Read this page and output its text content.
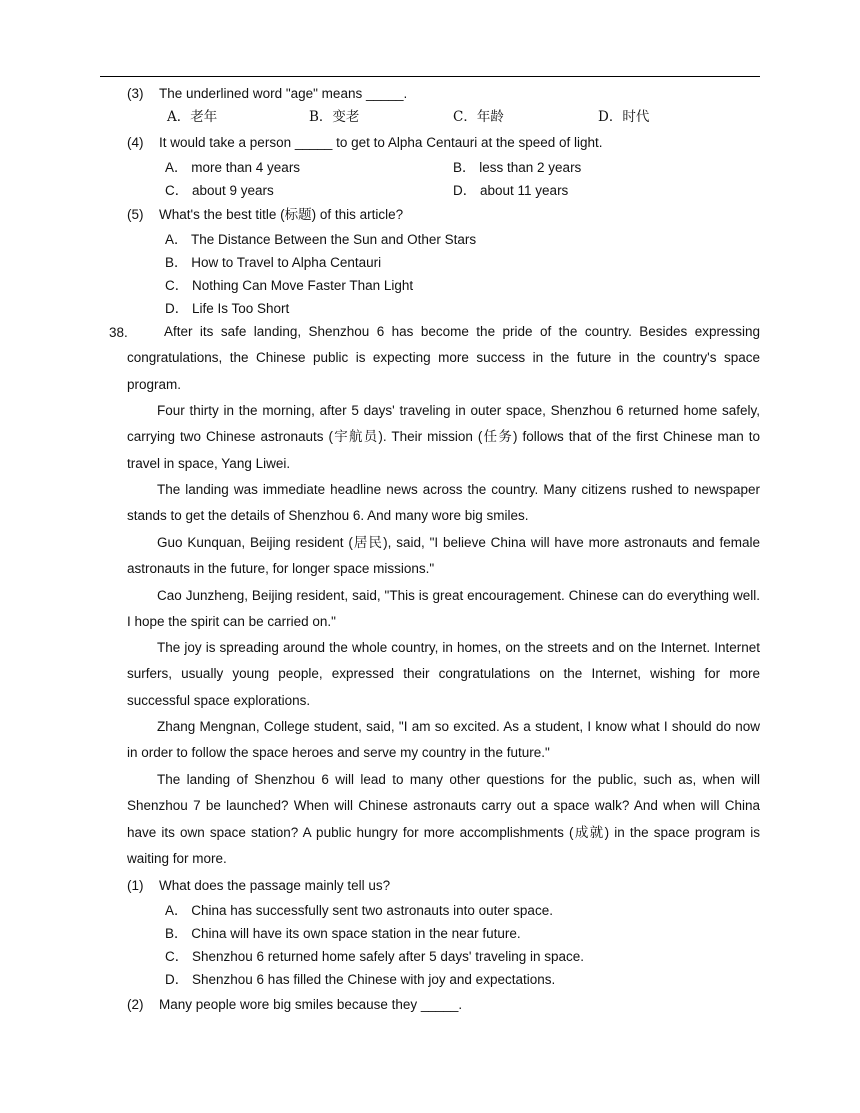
(3) The underlined word "age" means _____.
A．老年	B．变老	C．年龄	D．时代
(4) It would take a person _____ to get to Alpha Centauri at the speed of light.
A． more than 4 years	B． less than 2 years
C． about 9 years	D． about 11 years
(5) What's the best title (标题) of this article?
A． The Distance Between the Sun and Other Stars
B． How to Travel to Alpha Centauri
C． Nothing Can Move Faster Than Light
D． Life Is Too Short
38.	After its safe landing, Shenzhou 6 has become the pride of the country. Besides expressing congratulations, the Chinese public is expecting more success in the future in the country's space program.
Four thirty in the morning, after 5 days' traveling in outer space, Shenzhou 6 returned home safely, carrying two Chinese astronauts (宇航员). Their mission (任务) follows that of the first Chinese man to travel in space, Yang Liwei.
The landing was immediate headline news across the country. Many citizens rushed to newspaper stands to get the details of Shenzhou 6. And many wore big smiles.
Guo Kunquan, Beijing resident (居民), said, "I believe China will have more astronauts and female astronauts in the future, for longer space missions."
Cao Junzheng, Beijing resident, said, "This is great encouragement. Chinese can do everything well. I hope the spirit can be carried on."
The joy is spreading around the whole country, in homes, on the streets and on the Internet. Internet surfers, usually young people, expressed their congratulations on the Internet, wishing for more successful space explorations.
Zhang Mengnan, College student, said, "I am so excited. As a student, I know what I should do now in order to follow the space heroes and serve my country in the future."
The landing of Shenzhou 6 will lead to many other questions for the public, such as, when will Shenzhou 7 be launched? When will Chinese astronauts carry out a space walk? And when will China have its own space station? A public hungry for more accomplishments (成就) in the space program is waiting for more.
(1) What does the passage mainly tell us?
A． China has successfully sent two astronauts into outer space.
B． China will have its own space station in the near future.
C． Shenzhou 6 returned home safely after 5 days' traveling in space.
D． Shenzhou 6 has filled the Chinese with joy and expectations.
(2) Many people wore big smiles because they _____.
